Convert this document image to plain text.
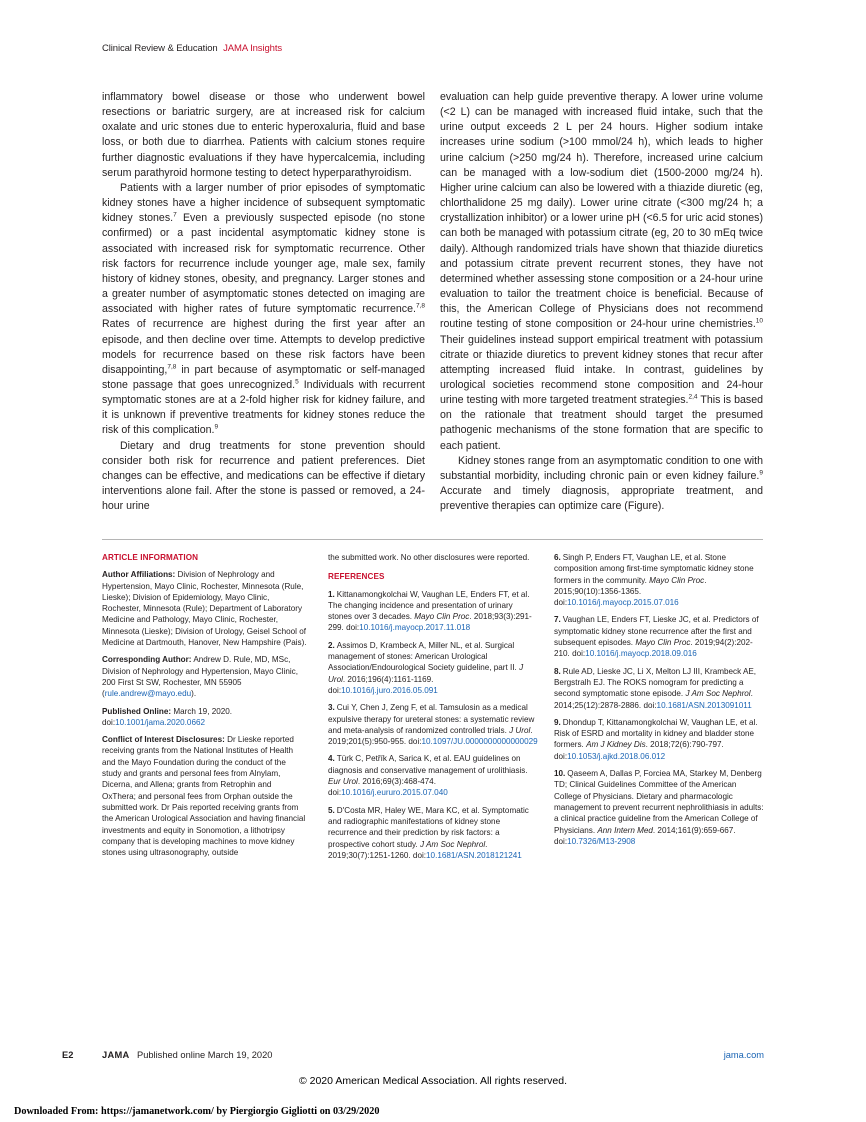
Clinical Review & Education JAMA Insights

inflammatory bowel disease or those who underwent bowel resections or bariatric surgery, are at increased risk for calcium oxalate and uric stones due to enteric hyperoxaluria, fluid and base loss, or both due to diarrhea. Patients with calcium stones require further diagnostic evaluations if they have hypercalcemia, including serum parathyroid hormone testing to detect hyperparathyroidism.

Patients with a larger number of prior episodes of symptomatic kidney stones have a higher incidence of subsequent symptomatic kidney stones.$^7$ Even a previously suspected episode (no stone confirmed) or a past incidental asymptomatic kidney stone is associated with increased risk for symptomatic recurrence. Other risk factors for recurrence include younger age, male sex, family history of kidney stones, obesity, and pregnancy. Larger stones and a greater number of asymptomatic stones detected on imaging are associated with higher rates of future symptomatic recurrence.$^{7,8}$ Rates of recurrence are highest during the first year after an episode, and then decline over time. Attempts to develop predictive models for recurrence based on these risk factors have been disappointing,$^{7,8}$ in part because of asymptomatic or self-managed stone passage that goes unrecognized.$^5$ Individuals with recurrent symptomatic stones are at a 2-fold higher risk for kidney failure, and it is unknown if preventive treatments for kidney stones reduce the risk of this complication.$^9$

Dietary and drug treatments for stone prevention should consider both risk for recurrence and patient preferences. Diet changes can be effective, and medications can be effective if dietary interventions alone fail. After the stone is passed or removed, a 24-hour urine

evaluation can help guide preventive therapy. A lower urine volume (<2 L) can be managed with increased fluid intake, such that the urine output exceeds 2 L per 24 hours. Higher sodium intake increases urine sodium (>100 mmol/24 h), which leads to higher urine calcium (>250 mg/24 h). Therefore, increased urine calcium can be managed with a low-sodium diet (1500-2000 mg/24 h). Higher urine calcium can also be lowered with a thiazide diuretic (eg, chlorthalidone 25 mg daily). Lower urine citrate (<300 mg/24 h; a crystallization inhibitor) or a lower urine pH (<6.5 for uric acid stones) can both be managed with potassium citrate (eg, 20 to 30 mEq twice daily). Although randomized trials have shown that thiazide diuretics and potassium citrate prevent recurrent stones, they have not determined whether assessing stone composition or a 24-hour urine evaluation to tailor the treatment choice is beneficial. Because of this, the American College of Physicians does not recommend routine testing of stone composition or 24-hour urine chemistries.$^{10}$ Their guidelines instead support empirical treatment with potassium citrate or thiazide diuretics to prevent kidney stones that recur after attempting increased fluid intake. In contrast, guidelines by urological societies recommend stone composition and 24-hour urine testing with more targeted treatment strategies.$^{2,4}$ This is based on the rationale that treatment should target the presumed pathogenic mechanisms of the stone formation that are specific to each patient.

Kidney stones range from an asymptomatic condition to one with substantial morbidity, including chronic pain or even kidney failure.$^9$ Accurate and timely diagnosis, appropriate treatment, and preventive therapies can optimize care (Figure).

ARTICLE INFORMATION
Author Affiliations: Division of Nephrology and Hypertension, Mayo Clinic, Rochester, Minnesota (Rule, Lieske); Division of Epidemiology, Mayo Clinic, Rochester, Minnesota (Rule); Department of Laboratory Medicine and Pathology, Mayo Clinic, Rochester, Minnesota (Lieske); Division of Urology, Geisel School of Medicine at Dartmouth, Hanover, New Hampshire (Pais).
Corresponding Author: Andrew D. Rule, MD, MSc, Division of Nephrology and Hypertension, Mayo Clinic, 200 First St SW, Rochester, MN 55905 (rule.andrew@mayo.edu).
Published Online: March 19, 2020.
doi:10.1001/jama.2020.0662
Conflict of Interest Disclosures: Dr Lieske reported receiving grants from the National Institutes of Health and the Mayo Foundation during the conduct of the study and grants and personal fees from Alnylam, Dicerna, and Allena; grants from Retrophin and OxThera; and personal fees from Orphan outside the submitted work. Dr Pais reported receiving grants from the American Urological Association and having financial investments and equity in Sonomotion, a lithotripsy company that is developing machines to move kidney stones using ultrasonography, outside
the submitted work. No other disclosures were reported.
REFERENCES
1. Kittanamongkolchai W, Vaughan LE, Enders FT, et al. The changing incidence and presentation of urinary stones over 3 decades. Mayo Clin Proc. 2018;93(3):291-299. doi:10.1016/j.mayocp.2017.11.018
2. Assimos D, Krambeck A, Miller NL, et al. Surgical management of stones: American Urological Association/Endourological Society guideline, part II. J Urol. 2016;196(4):1161-1169. doi:10.1016/j.juro.2016.05.091
3. Cui Y, Chen J, Zeng F, et al. Tamsulosin as a medical expulsive therapy for ureteral stones: a systematic review and meta-analysis of randomized controlled trials. J Urol. 2019;201(5):950-955. doi:10.1097/JU.0000000000000029
4. Türk C, Petřík A, Sarica K, et al. EAU guidelines on diagnosis and conservative management of urolithiasis. Eur Urol. 2016;69(3):468-474. doi:10.1016/j.eururo.2015.07.040
5. D'Costa MR, Haley WE, Mara KC, et al. Symptomatic and radiographic manifestations of kidney stone recurrence and their prediction by risk factors: a prospective cohort study. J Am Soc Nephrol. 2019;30(7):1251-1260. doi:10.1681/ASN.2018121241
6. Singh P, Enders FT, Vaughan LE, et al. Stone composition among first-time symptomatic kidney stone formers in the community. Mayo Clin Proc. 2015;90(10):1356-1365. doi:10.1016/j.mayocp.2015.07.016
7. Vaughan LE, Enders FT, Lieske JC, et al. Predictors of symptomatic kidney stone recurrence after the first and subsequent episodes. Mayo Clin Proc. 2019;94(2):202-210. doi:10.1016/j.mayocp.2018.09.016
8. Rule AD, Lieske JC, Li X, Melton LJ III, Krambeck AE, Bergstralh EJ. The ROKS nomogram for predicting a second symptomatic stone episode. J Am Soc Nephrol. 2014;25(12):2878-2886. doi:10.1681/ASN.2013091011
9. Dhondup T, Kittanamongkolchai W, Vaughan LE, et al. Risk of ESRD and mortality in kidney and bladder stone formers. Am J Kidney Dis. 2018;72(6):790-797. doi:10.1053/j.ajkd.2018.06.012
10. Qaseem A, Dallas P, Forciea MA, Starkey M, Denberg TD; Clinical Guidelines Committee of the American College of Physicians. Dietary and pharmacologic management to prevent recurrent nephrolithiasis in adults: a clinical practice guideline from the American College of Physicians. Ann Intern Med. 2014;161(9):659-667. doi:10.7326/M13-2908
E2	JAMA Published online March 19, 2020	jama.com
© 2020 American Medical Association. All rights reserved.
Downloaded From: https://jamanetwork.com/ by Piergiorgio Gigliotti on 03/29/2020
